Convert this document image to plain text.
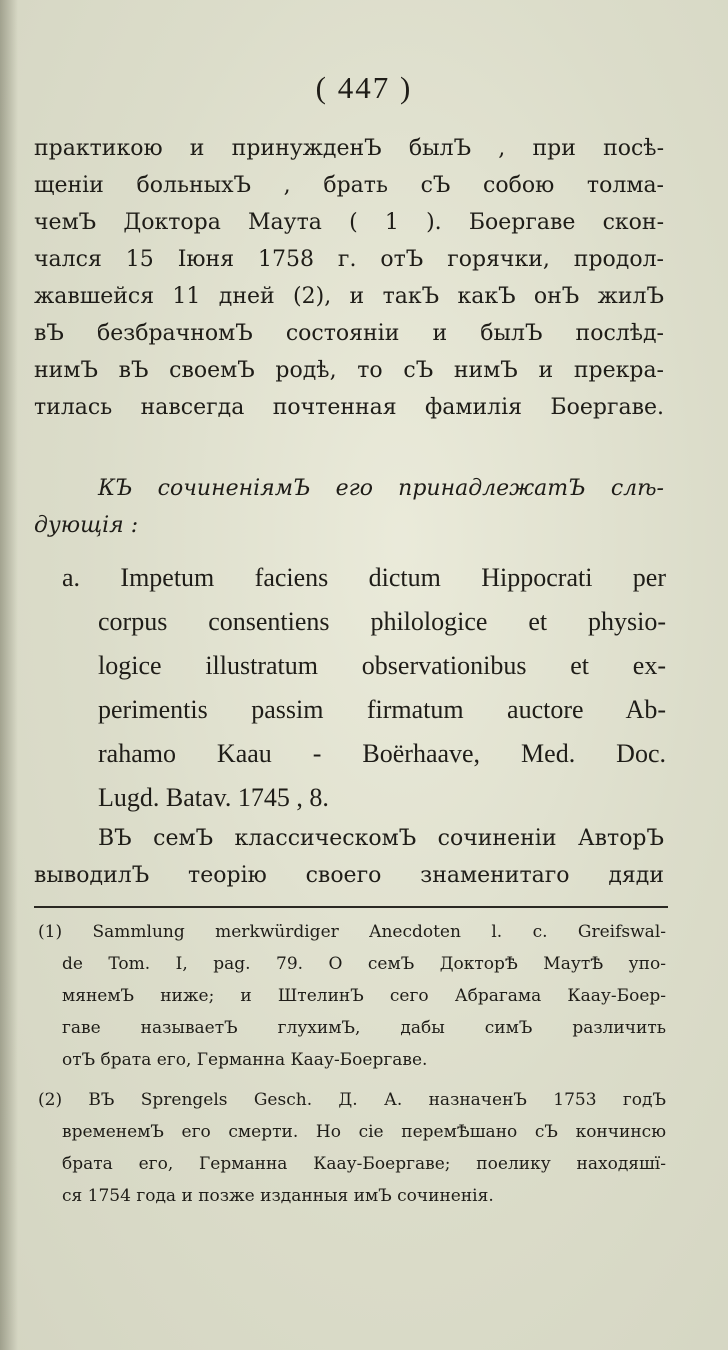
( 447 )
практикою и принужденЪ былЪ , при посѣ-
щеніи больныхЪ , брать сЪ собою толма-
чемЪ Доктора Маута ( 1 ). Боергаве скон-
чался 15 Іюня 1758 г. отЪ горячки, продол-
жавшейся 11 дней (2), и такЪ какЪ онЪ жилЪ
вЪ безбрачномЪ состояніи и былЪ послѣд-
нимЪ вЪ своемЪ родѣ, то сЪ нимЪ и прекра-
тилась навсегда почтенная фамилія Боергаве.
КЪ сочиненіямЪ его принадлежатЪ слѣ-
дующія :
a. Impetum faciens dictum Hippocrati per
corpus consentiens philologice et physio-
logice illustratum observationibus et ex-
perimentis passim firmatum auctore Ab-
rahamo Kaau - Boërhaave, Med. Doc.
Lugd. Batav. 1745 , 8.
ВЪ семЪ классическомЪ сочиненіи АвторЪ
выводилЪ теорію своего знаменитаго дяди
(1) Sammlung merkwürdiger Anecdoten l. c. Greifswal-
de Tom. I, pag. 79. О семЪ ДокторѢ МаутѢ упо-
мянемЪ ниже; и ШтелинЪ сего Абрагама Каау-Боер-
гаве называетЪ глухимЪ, дабы симЪ различить
отЪ брата его, Германна Каау-Боергаве.
(2) BЪ Sprengels Gesch. Д. А. назначенЪ 1753 годЪ
временемЪ его смерти. Но сіе перемѢшано сЪ кончинсю
брата его, Германна Каау-Боергаве; поелику находяшї-
ся 1754 года и позже изданныя имЪ сочиненія.
